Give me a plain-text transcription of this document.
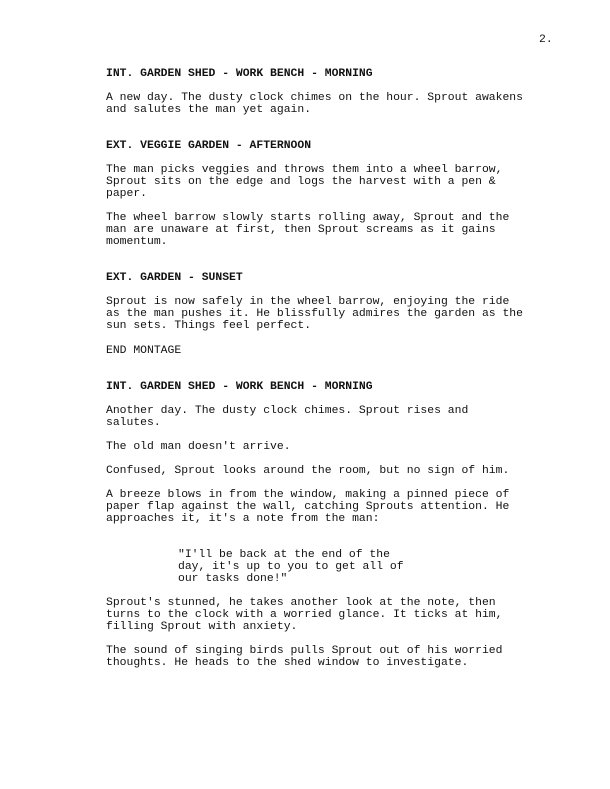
2.

INT. GARDEN SHED - WORK BENCH - MORNING

A new day. The dusty clock chimes on the hour. Sprout awakens
and salutes the man yet again.

EXT. VEGGIE GARDEN - AFTERNOON

The man picks veggies and throws them into a wheel barrow,
Sprout sits on the edge and logs the harvest with a pen &
paper.

The wheel barrow slowly starts rolling away, Sprout and the
man are unaware at first, then Sprout screams as it gains
momentum.

EXT. GARDEN - SUNSET

Sprout is now safely in the wheel barrow, enjoying the ride
as the man pushes it. He blissfully admires the garden as the
sun sets. Things feel perfect.

END MONTAGE

INT. GARDEN SHED - WORK BENCH - MORNING

Another day. The dusty clock chimes. Sprout rises and
salutes.

The old man doesn't arrive.

Confused, Sprout looks around the room, but no sign of him.

A breeze blows in from the window, making a pinned piece of
paper flap against the wall, catching Sprouts attention. He
approaches it, it's a note from the man:

"I'll be back at the end of the
day, it's up to you to get all of
our tasks done!"

Sprout's stunned, he takes another look at the note, then
turns to the clock with a worried glance. It ticks at him,
filling Sprout with anxiety.

The sound of singing birds pulls Sprout out of his worried
thoughts. He heads to the shed window to investigate.
